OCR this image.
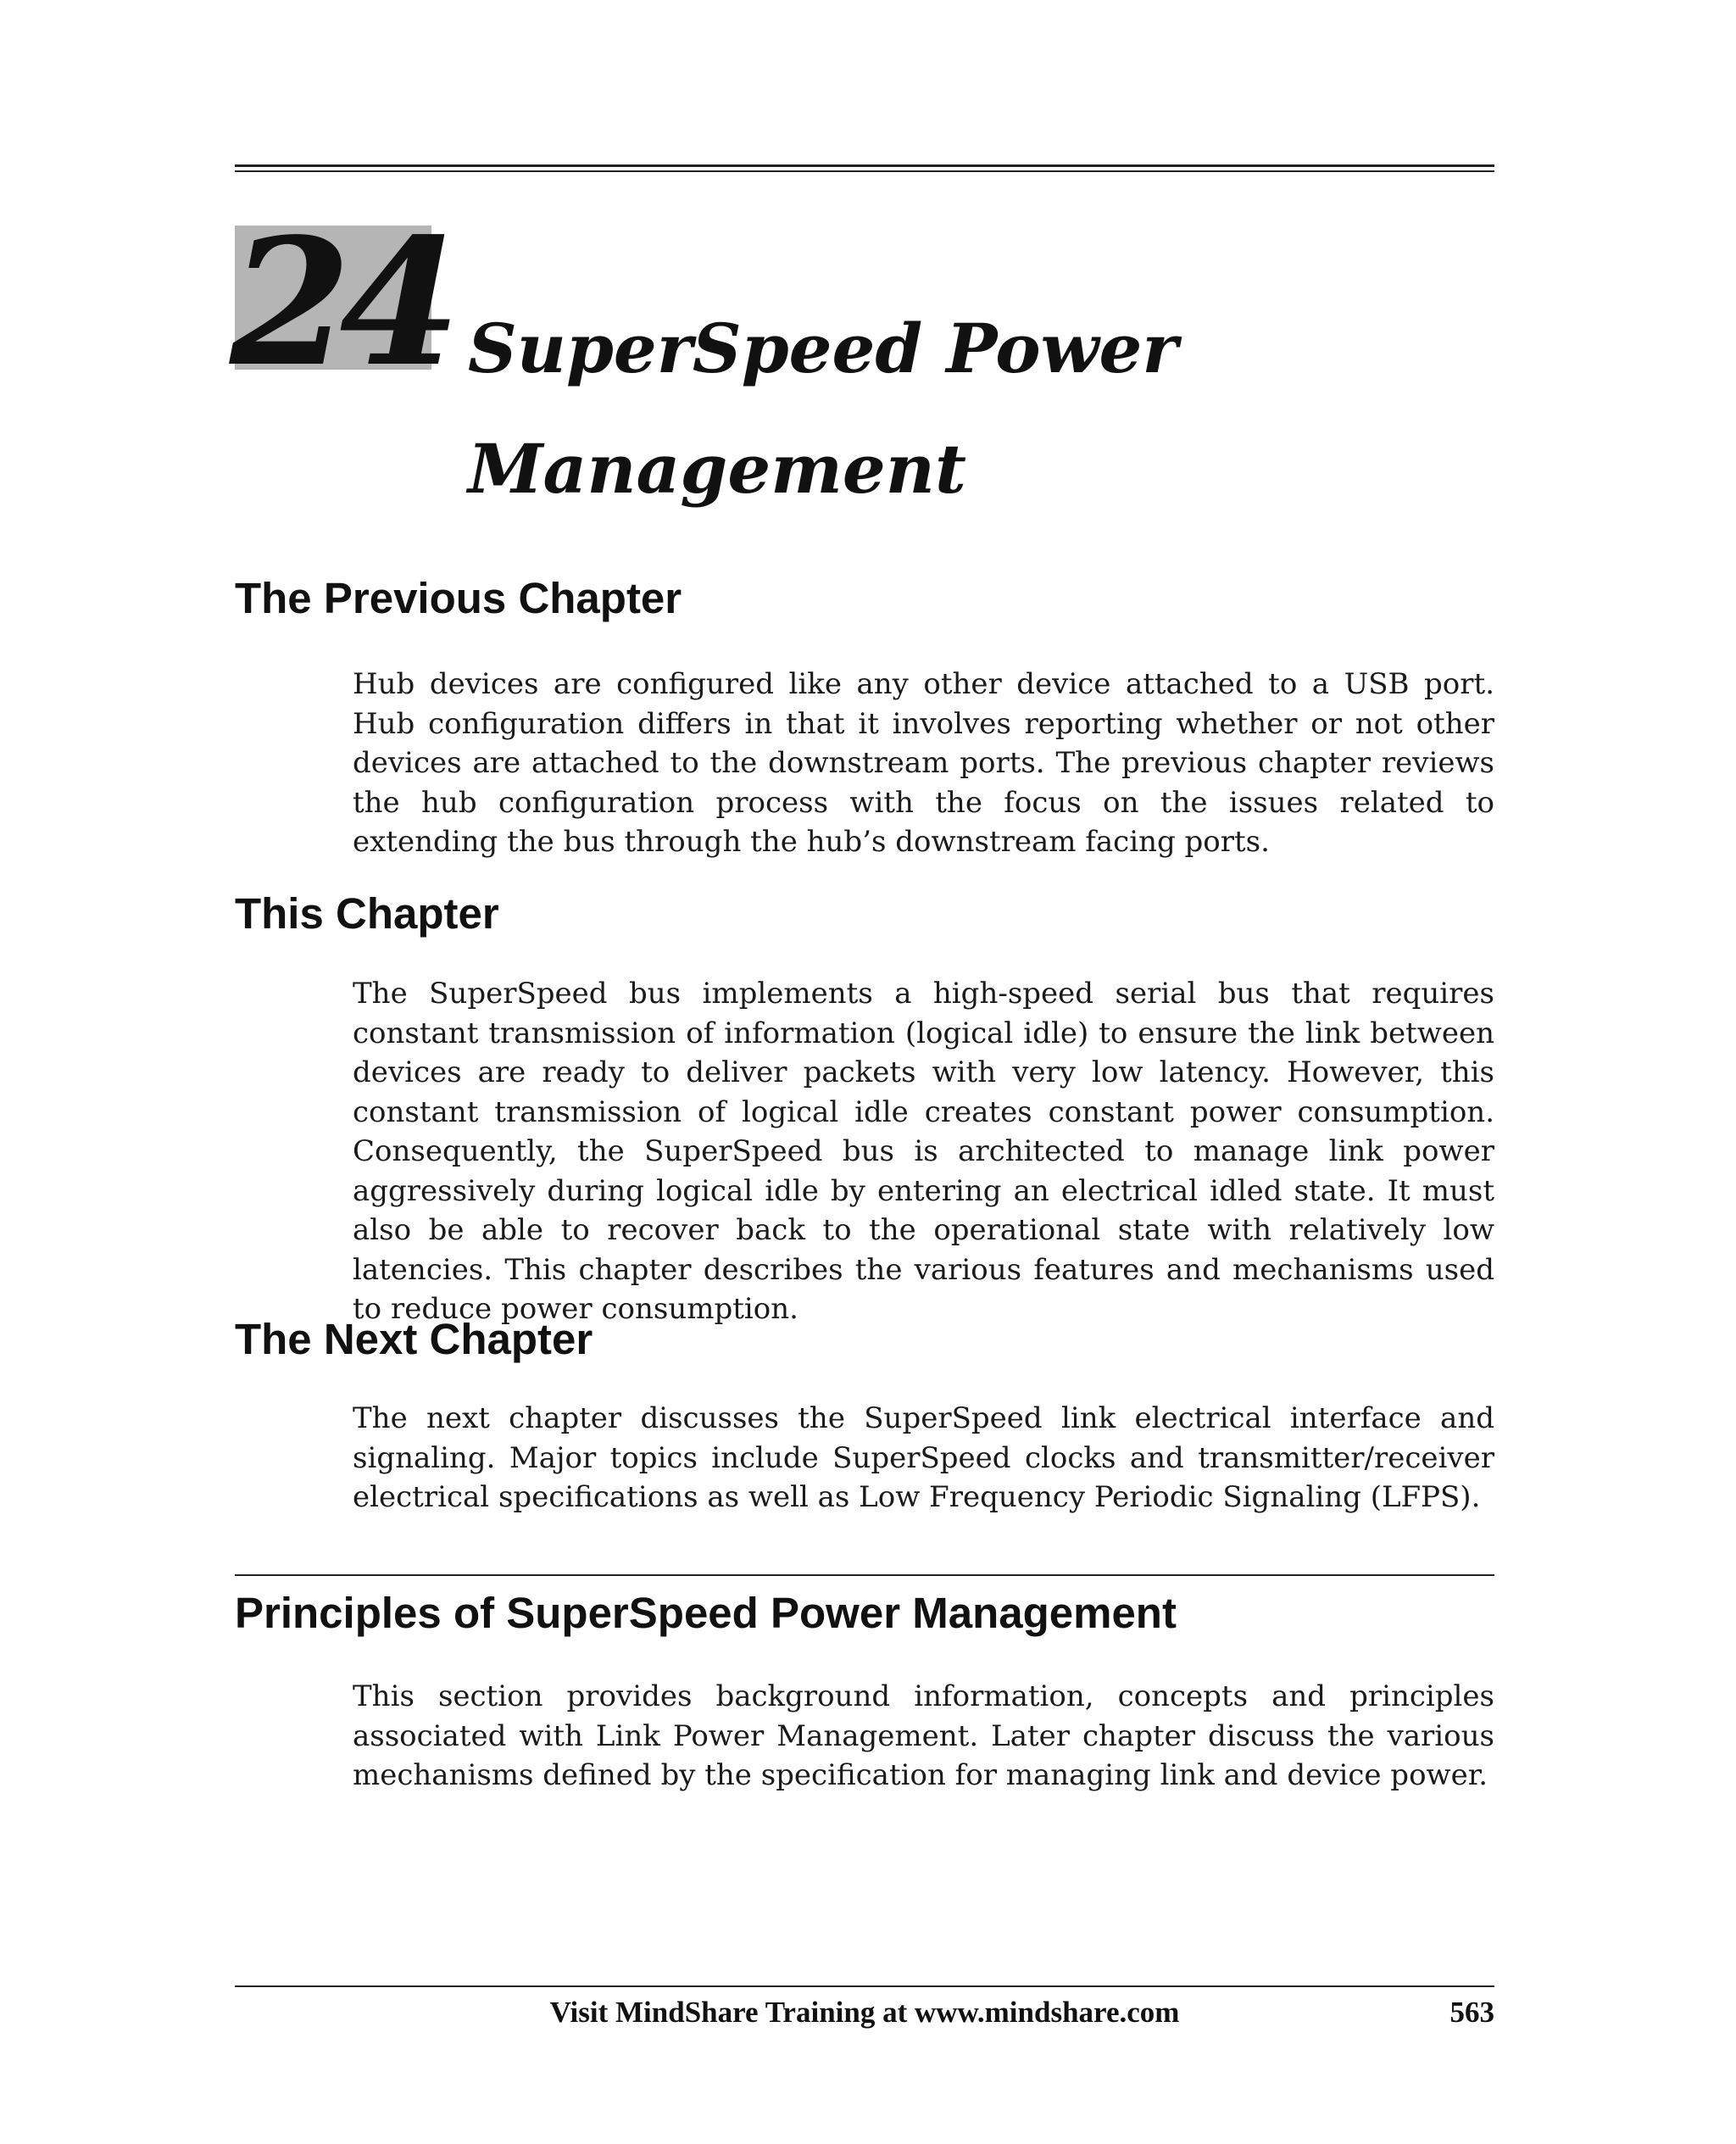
24 SuperSpeed Power
Management
The Previous Chapter
Hub devices are configured like any other device attached to a USB port. Hub configuration differs in that it involves reporting whether or not other devices are attached to the downstream ports. The previous chapter reviews the hub configuration process with the focus on the issues related to extending the bus through the hub’s downstream facing ports.
This Chapter
The SuperSpeed bus implements a high-speed serial bus that requires constant transmission of information (logical idle) to ensure the link between devices are ready to deliver packets with very low latency. However, this constant transmission of logical idle creates constant power consumption. Consequently, the SuperSpeed bus is architected to manage link power aggressively during logical idle by entering an electrical idled state. It must also be able to recover back to the operational state with relatively low latencies. This chapter describes the various features and mechanisms used to reduce power consumption.
The Next Chapter
The next chapter discusses the SuperSpeed link electrical interface and signaling. Major topics include SuperSpeed clocks and transmitter/receiver electrical specifications as well as Low Frequency Periodic Signaling (LFPS).
Principles of SuperSpeed Power Management
This section provides background information, concepts and principles associated with Link Power Management. Later chapter discuss the various mechanisms defined by the specification for managing link and device power.
Visit MindShare Training at www.mindshare.com	563
